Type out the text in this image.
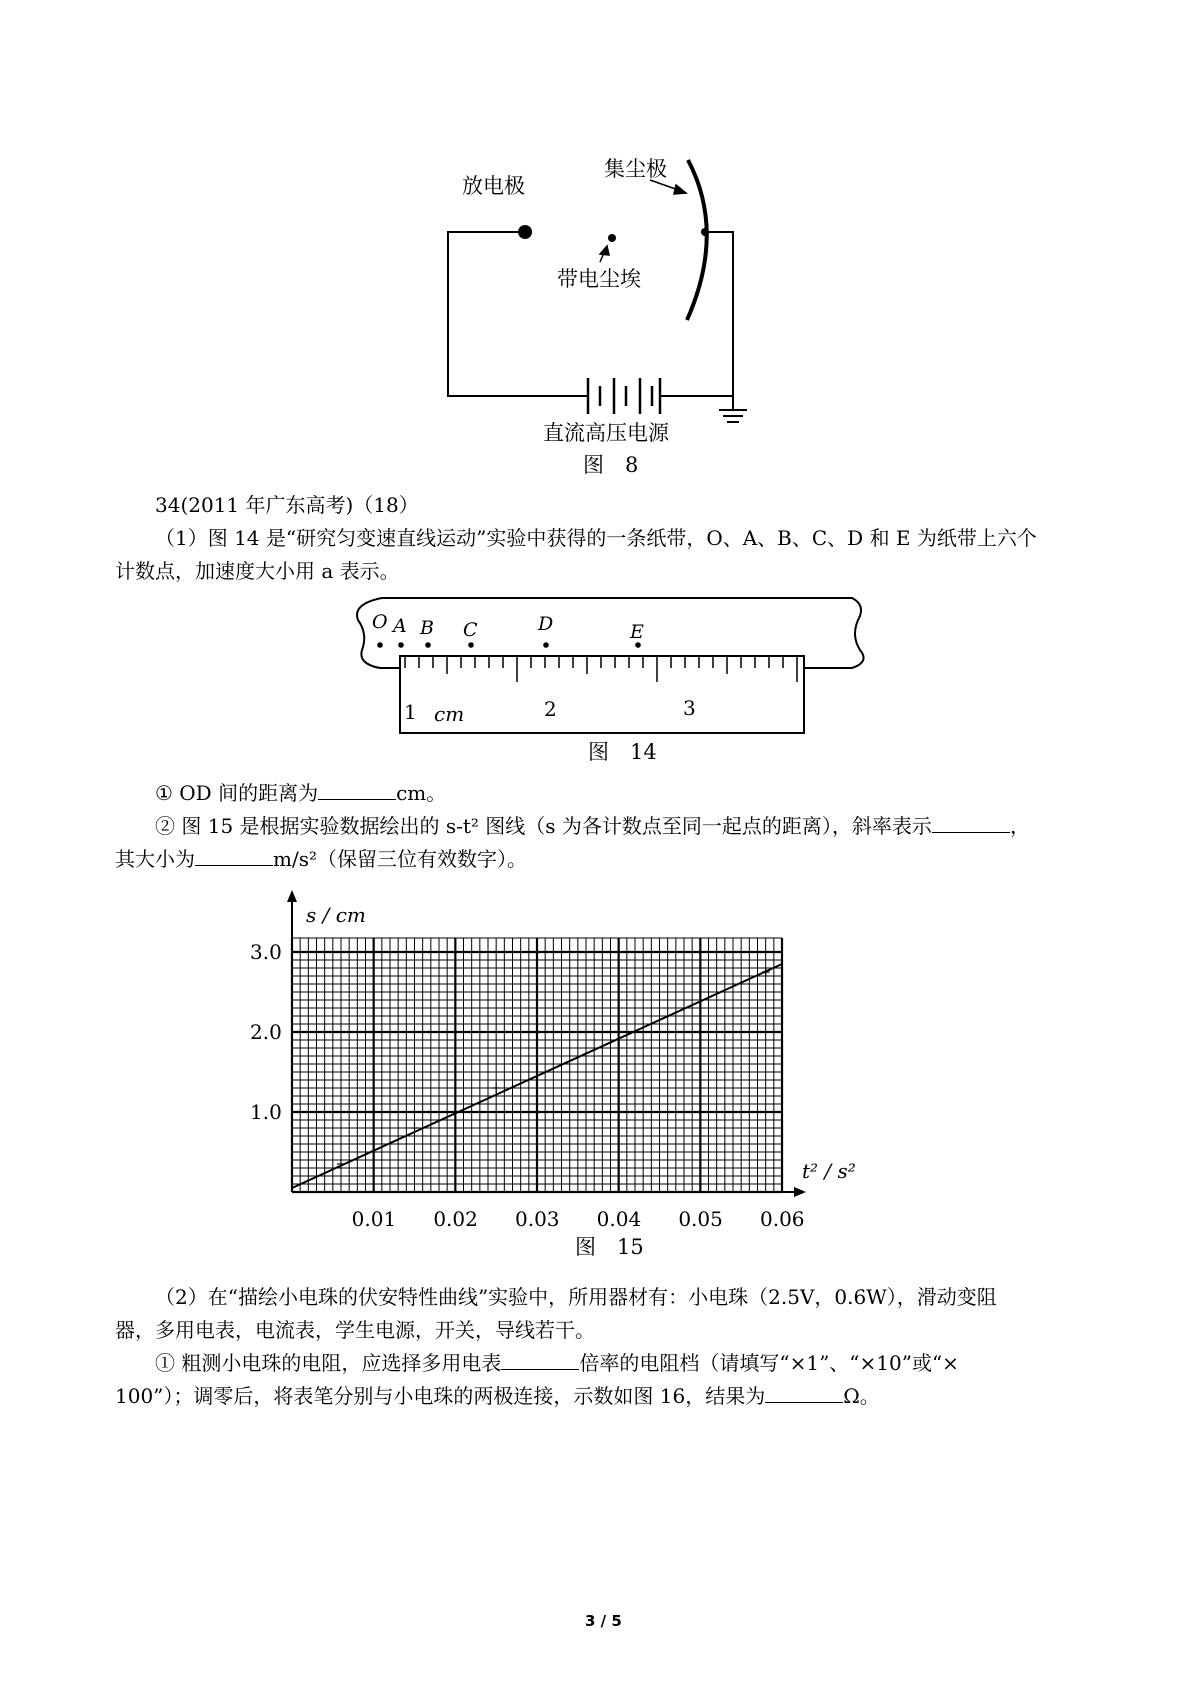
放电极
集尘极
带电尘埃
直流高压电源
图　8
34(2011 年广东高考)（18）
（1）图 14 是“研究匀变速直线运动”实验中获得的一条纸带，O、A、B、C、D 和 E 为纸带上六个
计数点，加速度大小用 a 表示。
O A B C	D	E
1	2	3
cm
图　14
① OD 间的距离为	cm。
② 图 15 是根据实验数据绘出的 s-t² 图线（s 为各计数点至同一起点的距离），斜率表示	，
其大小为	m/s²（保留三位有效数字）。
s / cm
t² / s²
0.01 0.02 0.03 0.04 0.05 0.06
1.0
2.0
3.0
图　15
（2）在“描绘小电珠的伏安特性曲线”实验中，所用器材有：小电珠（2.5V，0.6W），滑动变阻
器，多用电表，电流表，学生电源，开关，导线若干。
① 粗测小电珠的电阻，应选择多用电表	倍率的电阻档（请填写“×1”、“×10”或“×
100”）；调零后，将表笔分别与小电珠的两极连接，示数如图 16，结果为	Ω。
3 / 5
